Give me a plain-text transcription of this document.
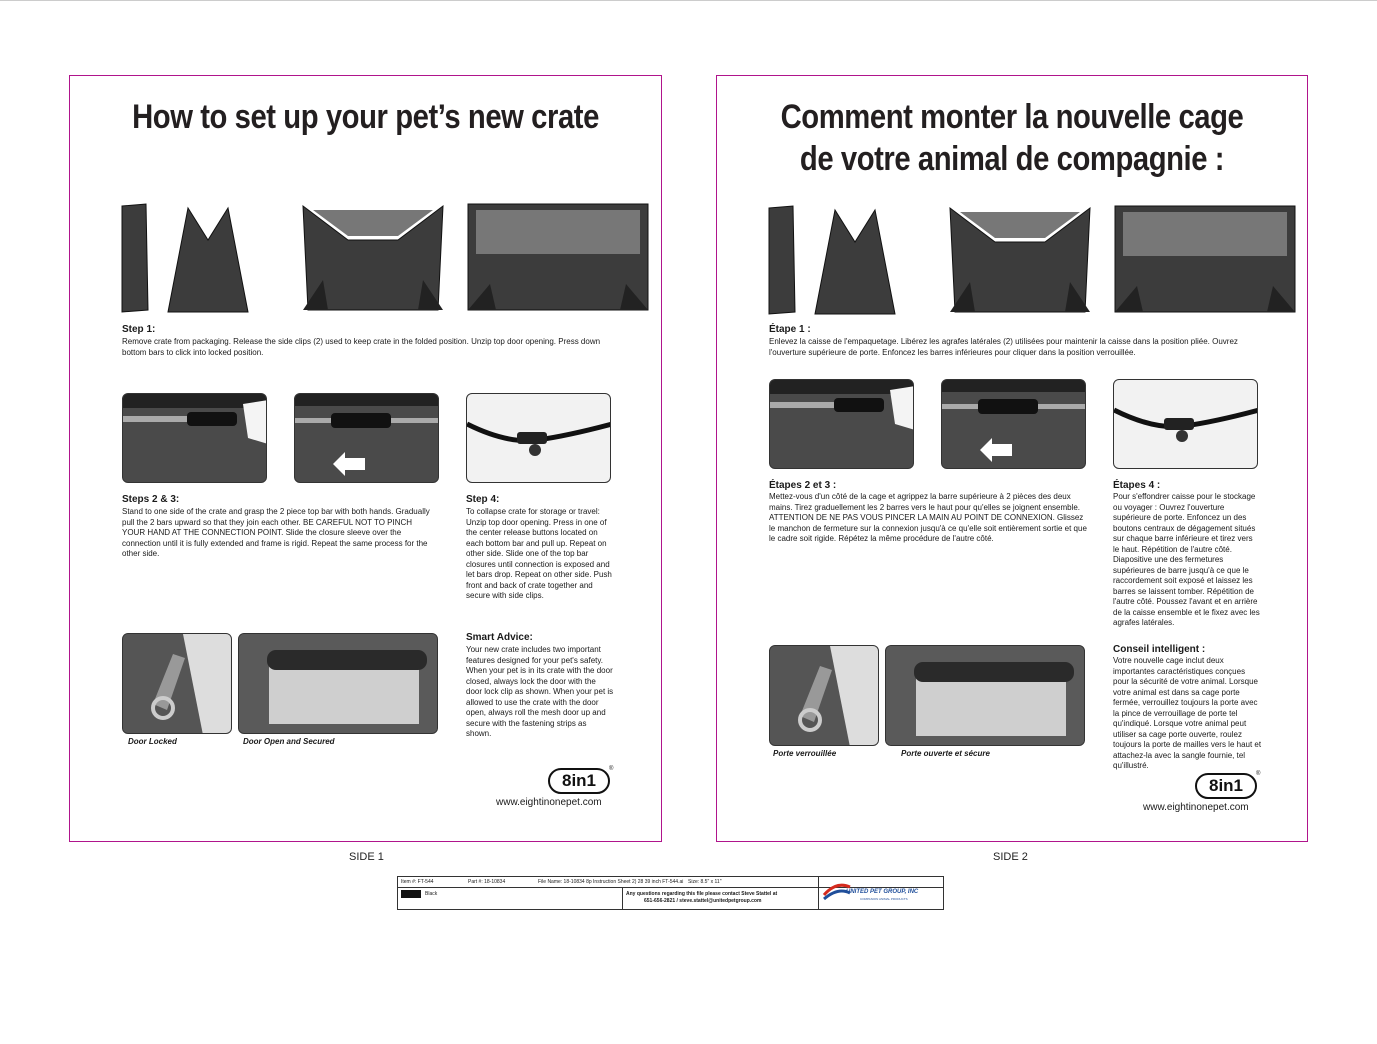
How to set up your pet’s new crate
Step 1:

Remove crate from packaging. Release the side clips (2) used to keep crate in the folded position. Unzip top door opening. Press down bottom bars to click into locked position.

Steps 2 & 3:

Stand to one side of the crate and grasp the 2 piece top bar with both hands. Gradually pull the 2 bars upward so that they join each other. BE CAREFUL NOT TO PINCH YOUR HAND AT THE CONNECTION POINT. Slide the closure sleeve over the connection until it is fully extended and frame is rigid. Repeat the same process for the other side.

Step 4:

To collapse crate for storage or travel: Unzip top door opening. Press in one of the center release buttons located on each bottom bar and pull up. Repeat on other side. Slide one of the top bar closures until connection is exposed and let bars drop. Repeat on other side. Push front and back of crate together and secure with side clips.

Door Locked	Door Open and Secured
Smart Advice:

Your new crate includes two important features designed for your pet's safety. When your pet is in its crate with the door closed, always lock the door with the door lock clip as shown. When your pet is allowed to use the crate with the door open, always roll the mesh door up and secure with the fastening strips as shown.

8in1
®
www.eightinonepet.com
SIDE 1
Comment monter la nouvelle cage
de votre animal de compagnie :
Étape 1 :

Enlevez la caisse de l'empaquetage. Libérez les agrafes latérales (2) utilisées pour maintenir la caisse dans la position pliée. Ouvrez l'ouverture supérieure de porte. Enfoncez les barres inférieures pour cliquer dans la position verrouillée.

Étapes 2 et 3 :

Mettez-vous d'un côté de la cage et agrippez la barre supérieure à 2 pièces des deux mains. Tirez graduellement les 2 barres vers le haut pour qu'elles se joignent ensemble. ATTENTION DE NE PAS VOUS PINCER LA MAIN AU POINT DE CONNEXION. Glissez le manchon de fermeture sur la connexion jusqu'à ce qu'elle soit entièrement sortie et que le cadre soit rigide. Répétez la même procédure de l'autre côté.

Étapes 4 :

Pour s'effondrer caisse pour le stockage ou voyager : Ouvrez l'ouverture supérieure de porte. Enfoncez un des boutons centraux de dégagement situés sur chaque barre inférieure et tirez vers le haut. Répétition de l'autre côté. Diapositive une des fermetures supérieures de barre jusqu'à ce que le raccordement soit exposé et laissez les barres se laissent tomber. Répétition de l'autre côté. Poussez l'avant et en arrière de la caisse ensemble et le fixez avec les agrafes latérales.

Porte verrouillée	Porte ouverte et sécure
Conseil intelligent :

Votre nouvelle cage inclut deux importantes caractéristiques conçues pour la sécurité de votre animal. Lorsque votre animal est dans sa cage porte fermée, verrouillez toujours la porte avec la pince de verrouillage de porte tel qu'indiqué. Lorsque votre animal peut utiliser sa cage porte ouverte, roulez toujours la porte de mailles vers le haut et attachez-la avec la sangle fournie, tel qu'illustré.

8in1
®
www.eightinonepet.com
SIDE 2
Item #: FT-544	Part #: 18-10834	File Name: 18-10834 8p Instruction Sheet 2) 28 39 inch FT-544.ai Size: 8.5" x 11"
Black	Any questions regarding this file please contact Steve Stattel at
651-656-2821 / steve.stattel@unitedpetgroup.com
UNITED PET GROUP, INC
COMPANION ANIMAL PRODUCTS
